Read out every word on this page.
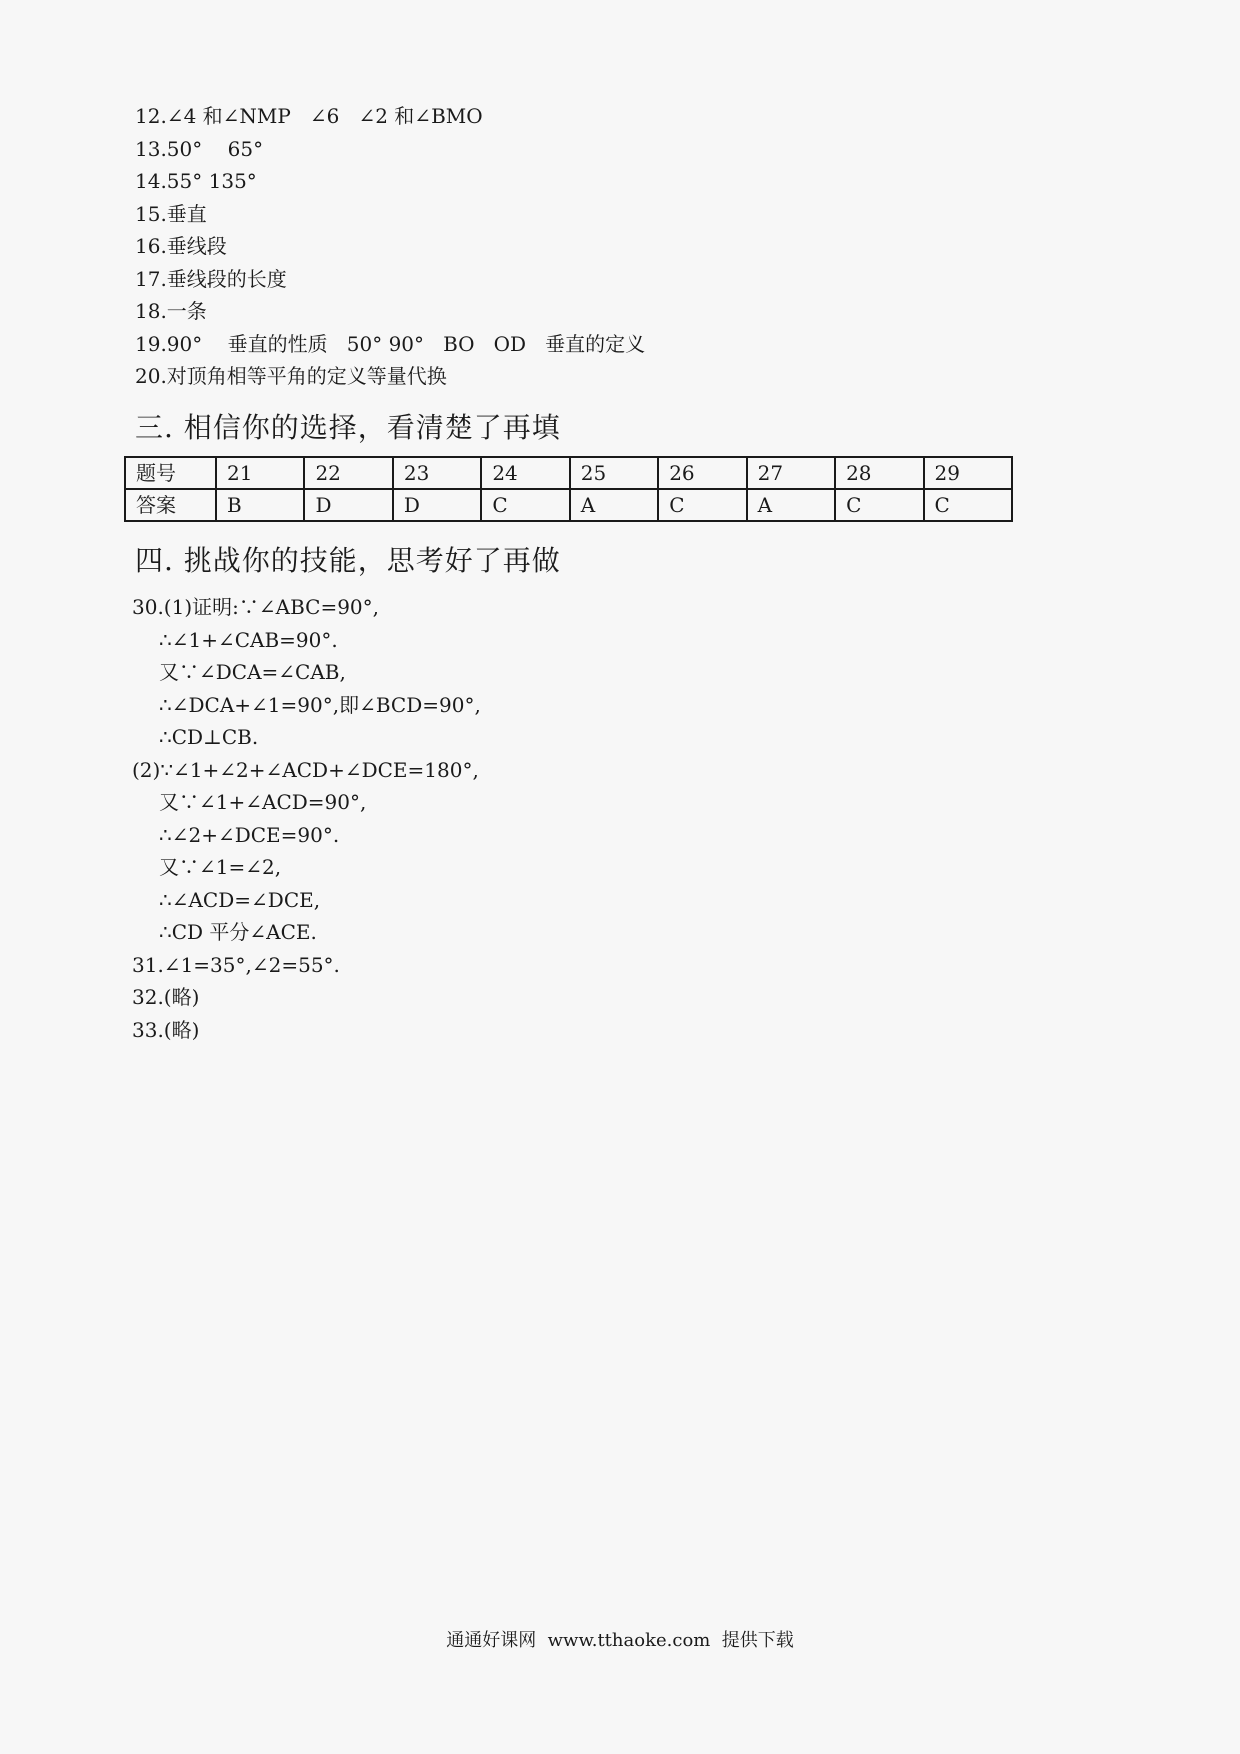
12.∠4 和∠NMP   ∠6   ∠2 和∠BMO
13.50°    65°
14.55° 135°
15.垂直
16.垂线段
17.垂线段的长度
18.一条
19.90°    垂直的性质   50° 90°   BO   OD   垂直的定义
20.对顶角相等平角的定义等量代换
三. 相信你的选择，看清楚了再填
题号	21	22	23	24	25	26	27	28	29
答案	B	D	D	C	A	C	A	C	C
四. 挑战你的技能，思考好了再做
30.(1)证明:∵∠ABC=90°,
∴∠1+∠CAB=90°.
又∵∠DCA=∠CAB,
∴∠DCA+∠1=90°,即∠BCD=90°,
∴CD⊥CB.
(2)∵∠1+∠2+∠ACD+∠DCE=180°,
又∵∠1+∠ACD=90°,
∴∠2+∠DCE=90°.
又∵∠1=∠2,
∴∠ACD=∠DCE,
∴CD 平分∠ACE.
31.∠1=35°,∠2=55°.
32.(略)
33.(略)
通通好课网  www.tthaoke.com  提供下载
